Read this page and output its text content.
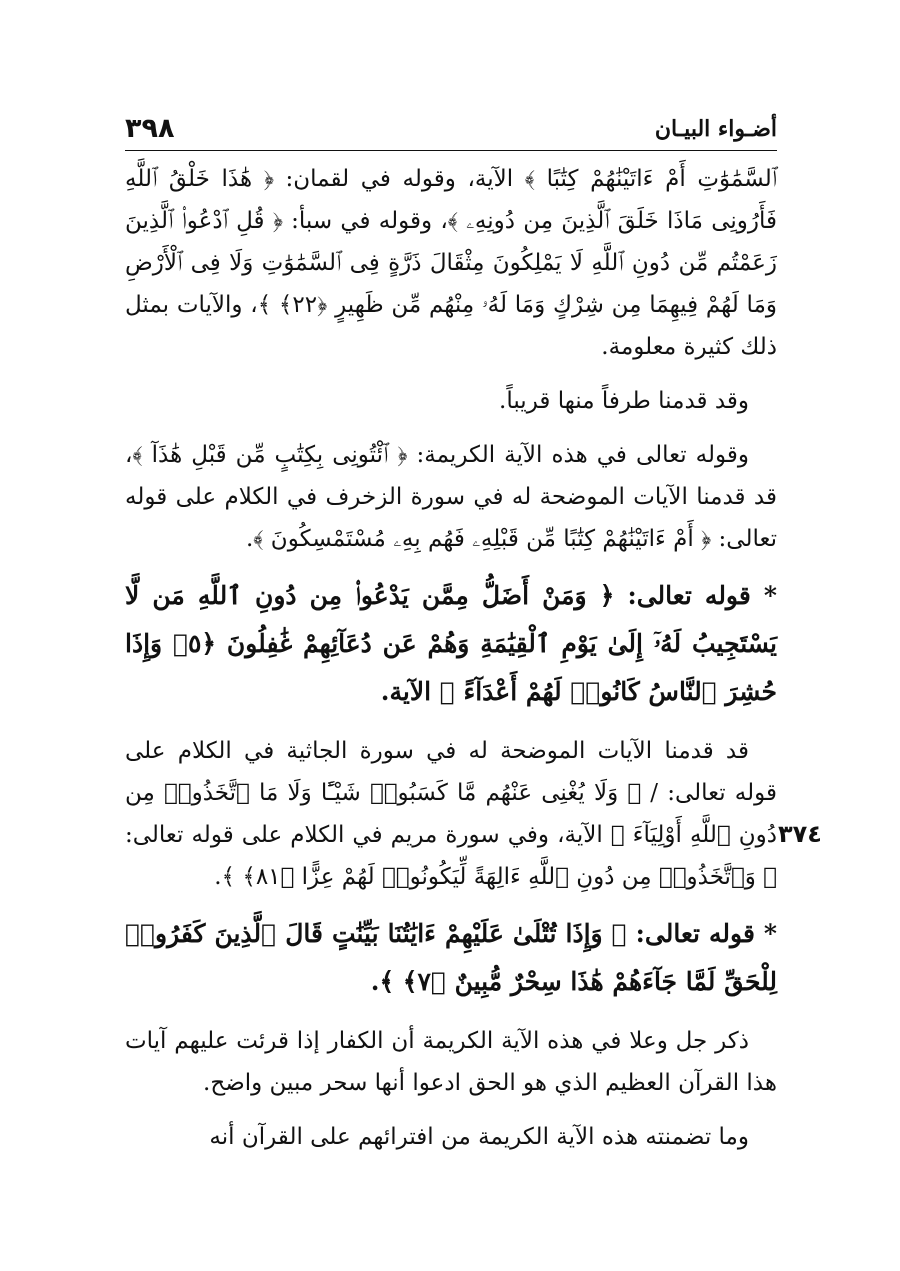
٣٩٨	أضـواء البيـان
٣٧٤

ٱلسَّمَٰوَٰتِ أَمْ ءَاتَيْنَٰهُمْ كِتَٰبًا ﴾ الآية، وقوله في لقمان: ﴿ هَٰذَا خَلْقُ ٱللَّهِ فَأَرُونِى مَاذَا خَلَقَ ٱلَّذِينَ مِن دُونِهِۦ ﴾، وقوله في سبأ: ﴿ قُلِ ٱدْعُوا۟ ٱلَّذِينَ زَعَمْتُم مِّن دُونِ ٱللَّهِ لَا يَمْلِكُونَ مِثْقَالَ ذَرَّةٍ فِى ٱلسَّمَٰوَٰتِ وَلَا فِى ٱلْأَرْضِ وَمَا لَهُمْ فِيهِمَا مِن شِرْكٍ وَمَا لَهُۥ مِنْهُم مِّن ظَهِيرٍ ﴿٢٢﴾ ﴾، والآيات بمثل ذلك كثيرة معلومة.

وقد قدمنا طرفاً منها قريباً.

وقوله تعالى في هذه الآية الكريمة: ﴿ ٱئْتُونِى بِكِتَٰبٍ مِّن قَبْلِ هَٰذَآ ﴾، قد قدمنا الآيات الموضحة له في سورة الزخرف في الكلام على قوله تعالى: ﴿ أَمْ ءَاتَيْنَٰهُمْ كِتَٰبًا مِّن قَبْلِهِۦ فَهُم بِهِۦ مُسْتَمْسِكُونَ ﴾.

* قوله تعالى: ﴿ وَمَنْ أَضَلُّ مِمَّن يَدْعُوا۟ مِن دُونِ ٱللَّهِ مَن لَّا يَسْتَجِيبُ لَهُۥٓ إِلَىٰ يَوْمِ ٱلْقِيَٰمَةِ وَهُمْ عَن دُعَآئِهِمْ غَٰفِلُونَ ﴿٥﴾ وَإِذَا حُشِرَ ٱلنَّاسُ كَانُوا۟ لَهُمْ أَعْدَآءً ﴾ الآية.

قد قدمنا الآيات الموضحة له في سورة الجاثية في الكلام على قوله تعالى: / ﴿ وَلَا يُغْنِى عَنْهُم مَّا كَسَبُوا۟ شَيْـًٔا وَلَا مَا ٱتَّخَذُوا۟ مِن دُونِ ٱللَّهِ أَوْلِيَآءَ ﴾ الآية، وفي سورة مريم في الكلام على قوله تعالى: ﴿ وَٱتَّخَذُوا۟ مِن دُونِ ٱللَّهِ ءَالِهَةً لِّيَكُونُوا۟ لَهُمْ عِزًّا ﴿٨١﴾ ﴾.

* قوله تعالى: ﴿ وَإِذَا تُتْلَىٰ عَلَيْهِمْ ءَايَٰتُنَا بَيِّنَٰتٍ قَالَ ٱلَّذِينَ كَفَرُوا۟ لِلْحَقِّ لَمَّا جَآءَهُمْ هَٰذَا سِحْرٌ مُّبِينٌ ﴿٧﴾ ﴾.

ذكر جل وعلا في هذه الآية الكريمة أن الكفار إذا قرئت عليهم آيات هذا القرآن العظيم الذي هو الحق ادعوا أنها سحر مبين واضح.

وما تضمنته هذه الآية الكريمة من افترائهم على القرآن أنه
